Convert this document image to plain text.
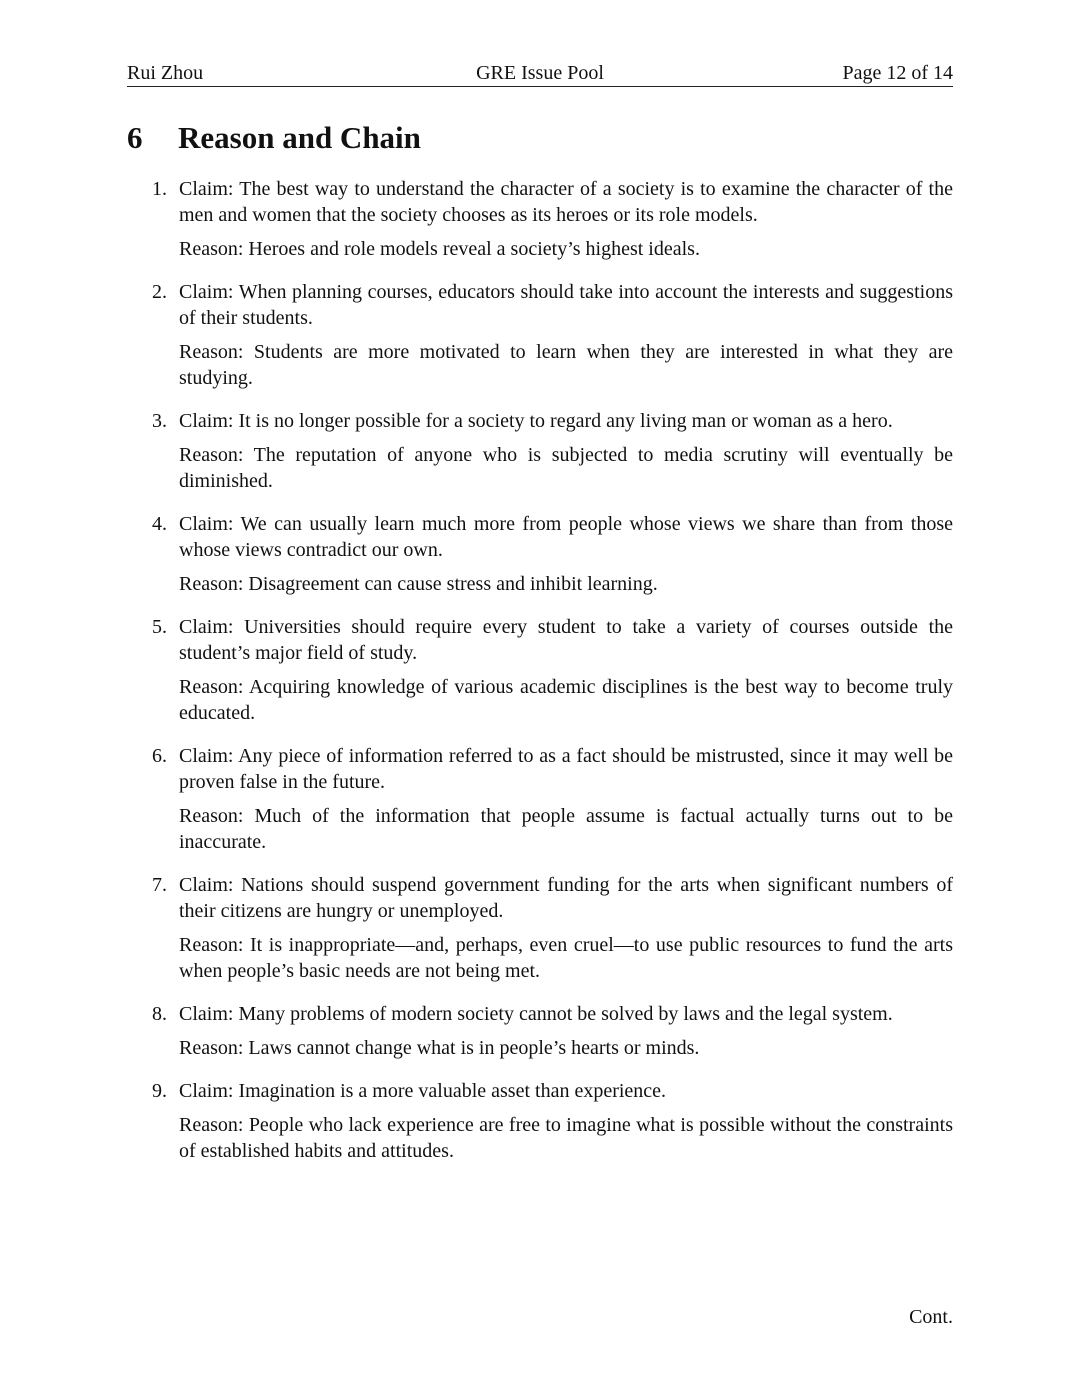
Rui Zhou	GRE Issue Pool	Page 12 of 14
6 Reason and Chain
1. Claim: The best way to understand the character of a society is to examine the character of the men and women that the society chooses as its heroes or its role models.

Reason: Heroes and role models reveal a society’s highest ideals.

2. Claim: When planning courses, educators should take into account the interests and suggestions of their students.

Reason: Students are more motivated to learn when they are interested in what they are studying.

3. Claim: It is no longer possible for a society to regard any living man or woman as a hero.

Reason: The reputation of anyone who is subjected to media scrutiny will eventually be diminished.

4. Claim: We can usually learn much more from people whose views we share than from those whose views contradict our own.

Reason: Disagreement can cause stress and inhibit learning.

5. Claim: Universities should require every student to take a variety of courses outside the student’s major field of study.

Reason: Acquiring knowledge of various academic disciplines is the best way to become truly educated.

6. Claim: Any piece of information referred to as a fact should be mistrusted, since it may well be proven false in the future.

Reason: Much of the information that people assume is factual actually turns out to be inaccurate.

7. Claim: Nations should suspend government funding for the arts when significant numbers of their citizens are hungry or unemployed.

Reason: It is inappropriate—and, perhaps, even cruel—to use public resources to fund the arts when people’s basic needs are not being met.

8. Claim: Many problems of modern society cannot be solved by laws and the legal system.

Reason: Laws cannot change what is in people’s hearts or minds.

9. Claim: Imagination is a more valuable asset than experience.

Reason: People who lack experience are free to imagine what is possible without the constraints of established habits and attitudes.

Cont.
